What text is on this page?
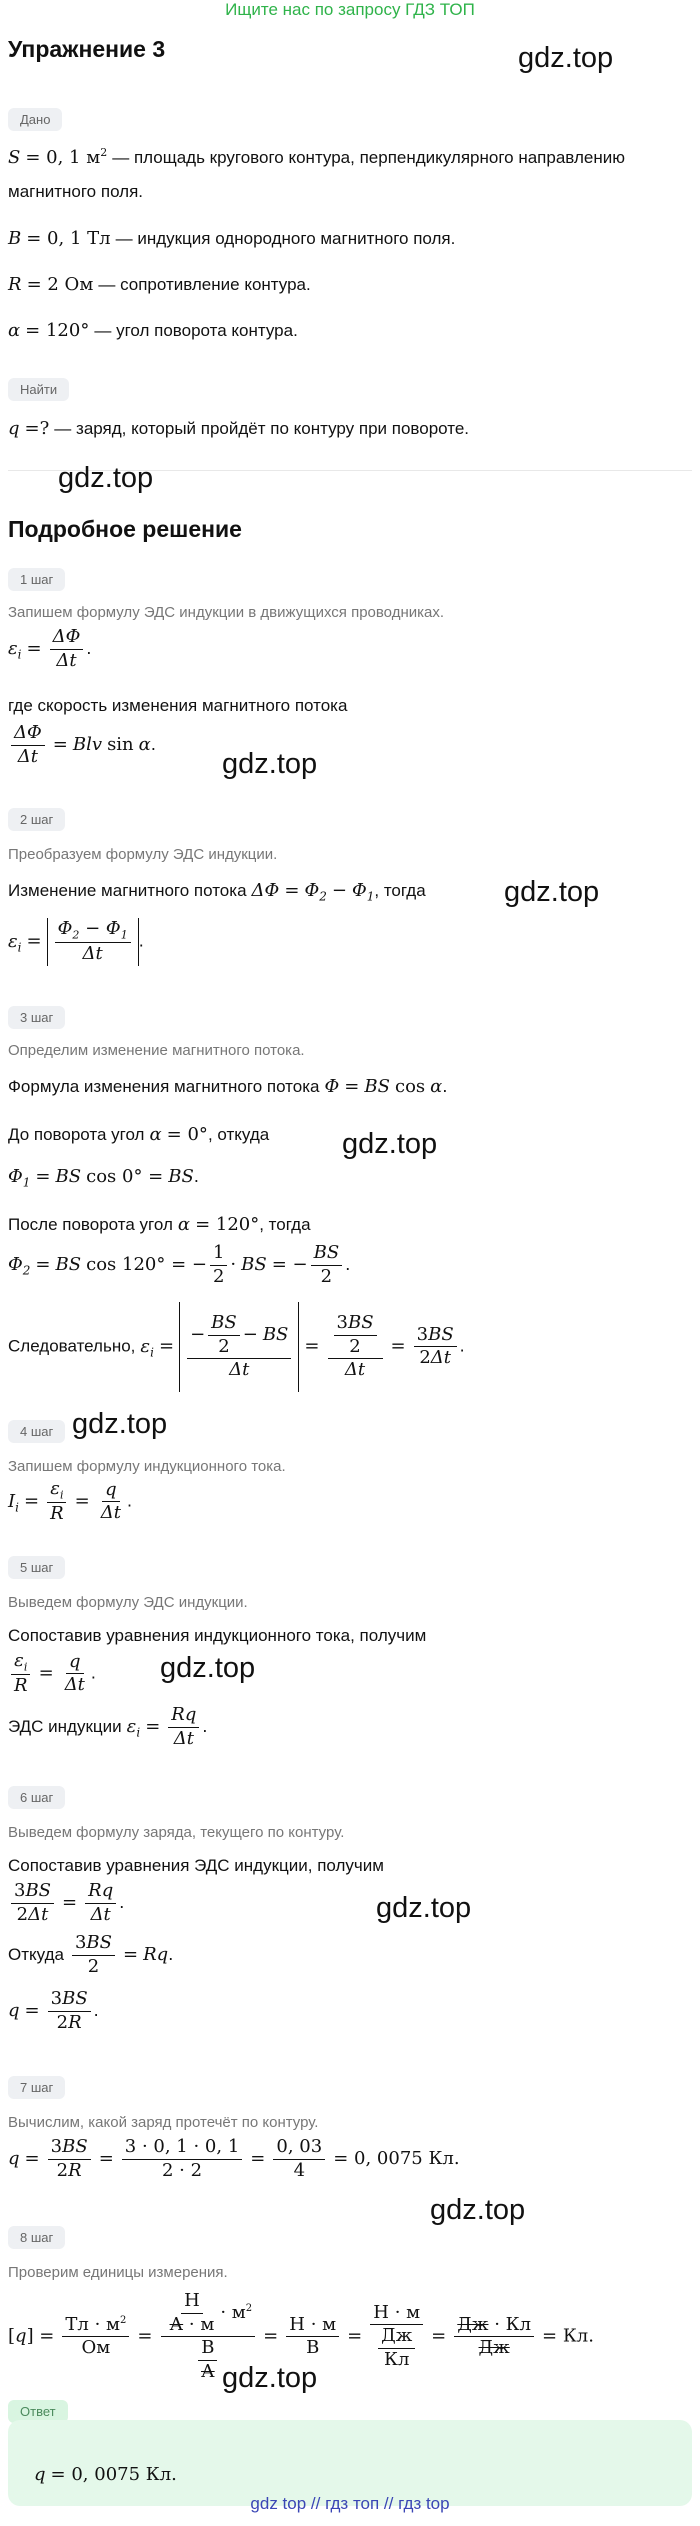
Ищите нас по запросу ГДЗ ТОП
Упражнение 3	gdz.top
Дано
S = 0, 1 $м^2$ — площадь кругового контура, перпендикулярного направлению
магнитного поля.
B = 0, 1 Тл — индукция однородного магнитного поля.
R = 2 Ом — сопротивление контура.
α = 120° — угол поворота контура.
Найти
q =? — заряд, который пройдёт по контуру при повороте.
gdz.top
Подробное решение
1 шаг
Запишем формулу ЭДС индукции в движущихся проводниках.
$\varepsilon_i = \frac{\Delta\Phi}{\Delta t}$ .
где скорость изменения магнитного потока
$\frac{\Delta\Phi}{\Delta t}$ = Blv sin α.
gdz.top
2 шаг
Преобразуем формулу ЭДС индукции.
Изменение магнитного потока $\Delta\Phi = \Phi_2 - \Phi_1$, тогда	gdz.top
$\varepsilon_i = \frac{\Phi_2 - \Phi_1}{\Delta t}$ .
3 шаг
Определим изменение магнитного потока.
Формула изменения магнитного потока Φ = BS cos α.
До поворота угол α = 0°, откуда	gdz.top
$\Phi_1$ = BS cos 0° = BS.
После поворота угол α = 120°, тогда
$\Phi_2$ = BS cos 120° = − $\frac{1}{2}$ · BS = − $\frac{BS}{2}$ .
Следовательно, $\varepsilon_i = \frac{- \frac{BS}{2} - BS}{\Delta t} = \frac{\frac{3BS}{2}}{\Delta t} = \frac{3BS}{2\Delta t}$ .
gdz.top
4 шаг
Запишем формулу индукционного тока.
$I_i = \frac{\varepsilon_i}{R} = \frac{q}{\Delta t}$ .
5 шаг
Выведем формулу ЭДС индукции.
Сопоставив уравнения индукционного тока, получим
$\frac{\varepsilon_i}{R} = \frac{q}{\Delta t}$ . gdz.top
ЭДС индукции $\varepsilon_i = \frac{Rq}{\Delta t}$ .
6 шаг
Выведем формулу заряда, текущего по контуру.
Сопоставив уравнения ЭДС индукции, получим
$\frac{3BS}{2\Delta t} = \frac{Rq}{\Delta t}$ .	gdz.top
Откуда $\frac{3BS}{2} = Rq$.
$q = \frac{3BS}{2R}$ .
7 шаг
Вычислим, какой заряд протечёт по контуру.
$q = \frac{3BS}{2R} = \frac{3 \cdot 0, 1 \cdot 0, 1}{2 \cdot 2} = \frac{0, 03}{4} = 0$, 0075 Кл.
gdz.top
8 шаг
Проверим единицы измерения.
$[q] = \frac{Тл \cdot м^2}{Ом} = \frac{\frac{Н}{А \cdot м} \cdot м^2}{\frac{В}{А}} = \frac{Н \cdot м}{В} = \frac{Н \cdot м}{\frac{Дж}{Кл}} = \frac{Дж \cdot Кл}{Дж}$ = Кл.
gdz.top
Ответ
q = 0, 0075 Кл.
gdz top // гдз топ // гдз top
